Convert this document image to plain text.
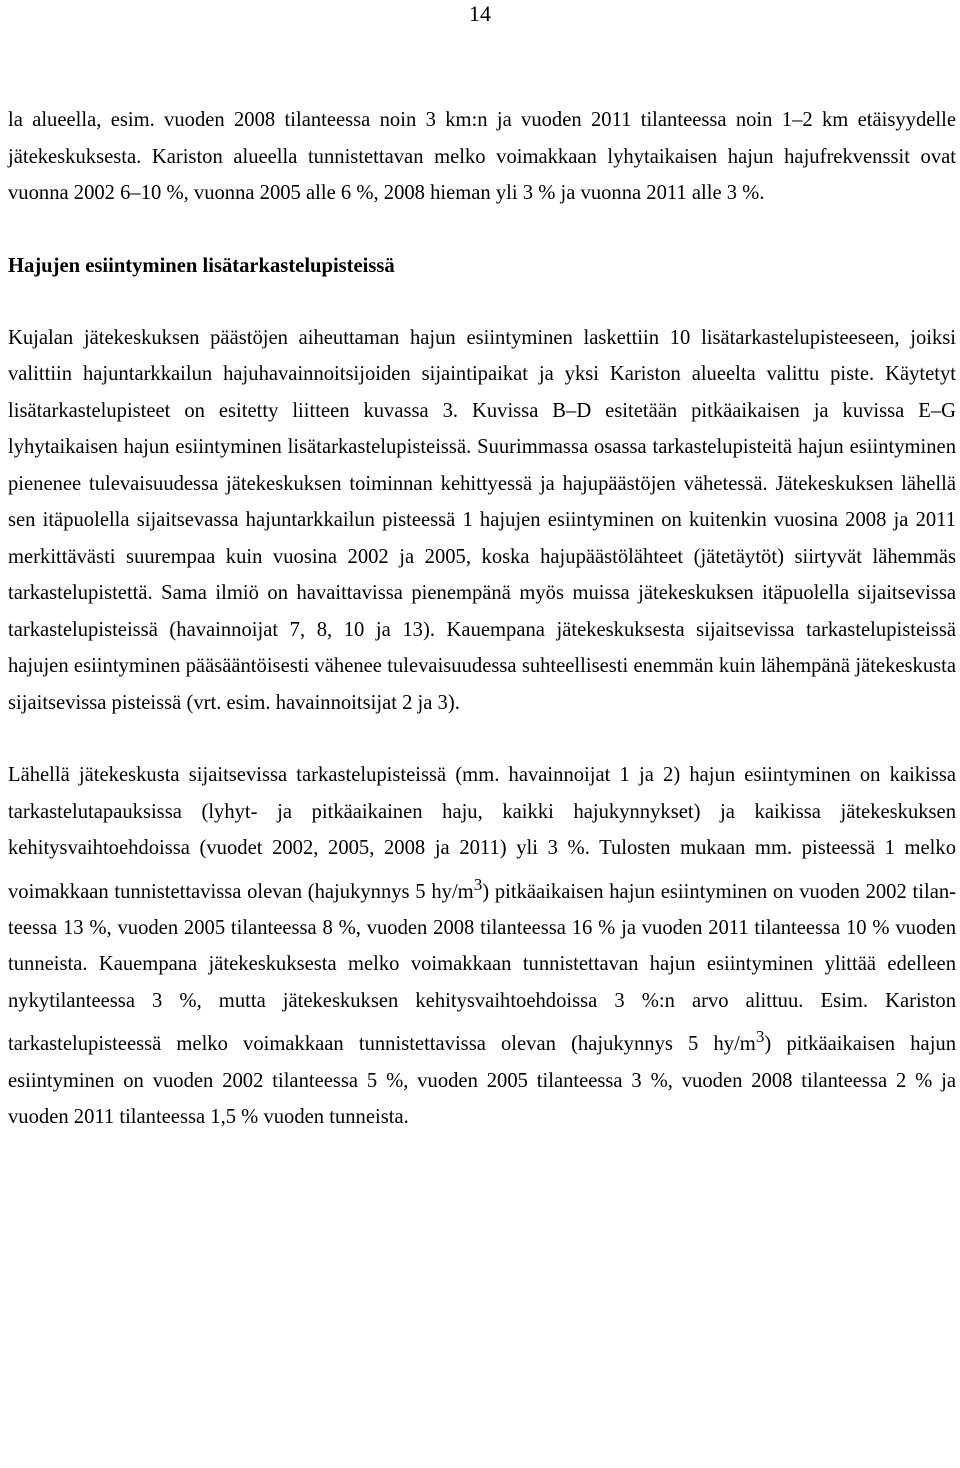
14

la alueella, esim. vuoden 2008 tilanteessa noin 3 km:n ja vuoden 2011 tilanteessa noin 1–2 km etäisyydelle jätekeskuksesta. Kariston alueella tunnistettavan melko voimakkaan lyhytaikaisen hajun hajufrekvenssit ovat vuonna 2002 6–10 %, vuonna 2005 alle 6 %, 2008 hieman yli 3 % ja vuonna 2011 alle 3 %.

Hajujen esiintyminen lisätarkastelupisteissä

Kujalan jätekeskuksen päästöjen aiheuttaman hajun esiintyminen laskettiin 10 lisätarkastelupisteeseen, joiksi valittiin hajuntarkkailun hajuhavainnoitsijoiden sijaintipaikat ja yksi Kariston alueelta valittu piste. Käytetyt lisätarkastelupisteet on esitetty liitteen kuvassa 3. Kuvissa B–D esitetään pitkäaikaisen ja kuvissa E–G lyhytaikaisen hajun esiintyminen lisätarkastelupisteissä. Suurimmassa osassa tarkastelupisteitä hajun esiintyminen pienenee tulevaisuudessa jätekeskuksen toiminnan kehittyessä ja hajupäästöjen vähetessä. Jätekeskuksen lähellä sen itäpuolella sijaitsevassa hajuntarkkailun pisteessä 1 hajujen esiintyminen on kuitenkin vuosina 2008 ja 2011 merkittävästi suurempaa kuin vuosina 2002 ja 2005, koska hajupäästölähteet (jätetäytöt) siirtyvät lähemmäs tarkastelupistettä. Sama ilmiö on havaittavissa pienempänä myös muissa jätekeskuksen itäpuolella sijaitsevissa tarkastelupisteissä (havainnoijat 7, 8, 10 ja 13). Kauempana jätekeskuksesta sijaitsevissa tarkastelupisteissä hajujen esiintyminen pääsääntöisesti vähenee tulevaisuudessa suhteellisesti enemmän kuin lähempänä jätekeskusta sijaitsevissa pisteissä (vrt. esim. havainnoitsijat 2 ja 3).

Lähellä jätekeskusta sijaitsevissa tarkastelupisteissä (mm. havainnoijat 1 ja 2) hajun esiintyminen on kaikissa tarkastelutapauksissa (lyhyt- ja pitkäaikainen haju, kaikki hajukynnykset) ja kaikissa jätekeskuksen kehitysvaihtoehdoissa (vuodet 2002, 2005, 2008 ja 2011) yli 3 %. Tulosten mukaan mm. pisteessä 1 melko voimakkaan tunnistettavissa olevan (hajukynnys 5 $hy/m^3$) pitkäaikaisen hajun esiintyminen on vuoden 2002 tilanteessa 13 %, vuoden 2005 tilanteessa 8 %, vuoden 2008 tilanteessa 16 % ja vuoden 2011 tilanteessa 10 % vuoden tunneista. Kauempana jätekeskuksesta melko voimakkaan tunnistettavan hajun esiintyminen ylittää edelleen nykytilanteessa 3 %, mutta jätekeskuksen kehitysvaihtoehdoissa 3 %:n arvo alittuu. Esim. Kariston tarkastelupisteessä melko voimakkaan tunnistettavissa olevan (hajukynnys 5 $hy/m^3$) pitkäaikaisen hajun esiintyminen on vuoden 2002 tilanteessa 5 %, vuoden 2005 tilanteessa 3 %, vuoden 2008 tilanteessa 2 % ja vuoden 2011 tilanteessa 1,5 % vuoden tunneista.
